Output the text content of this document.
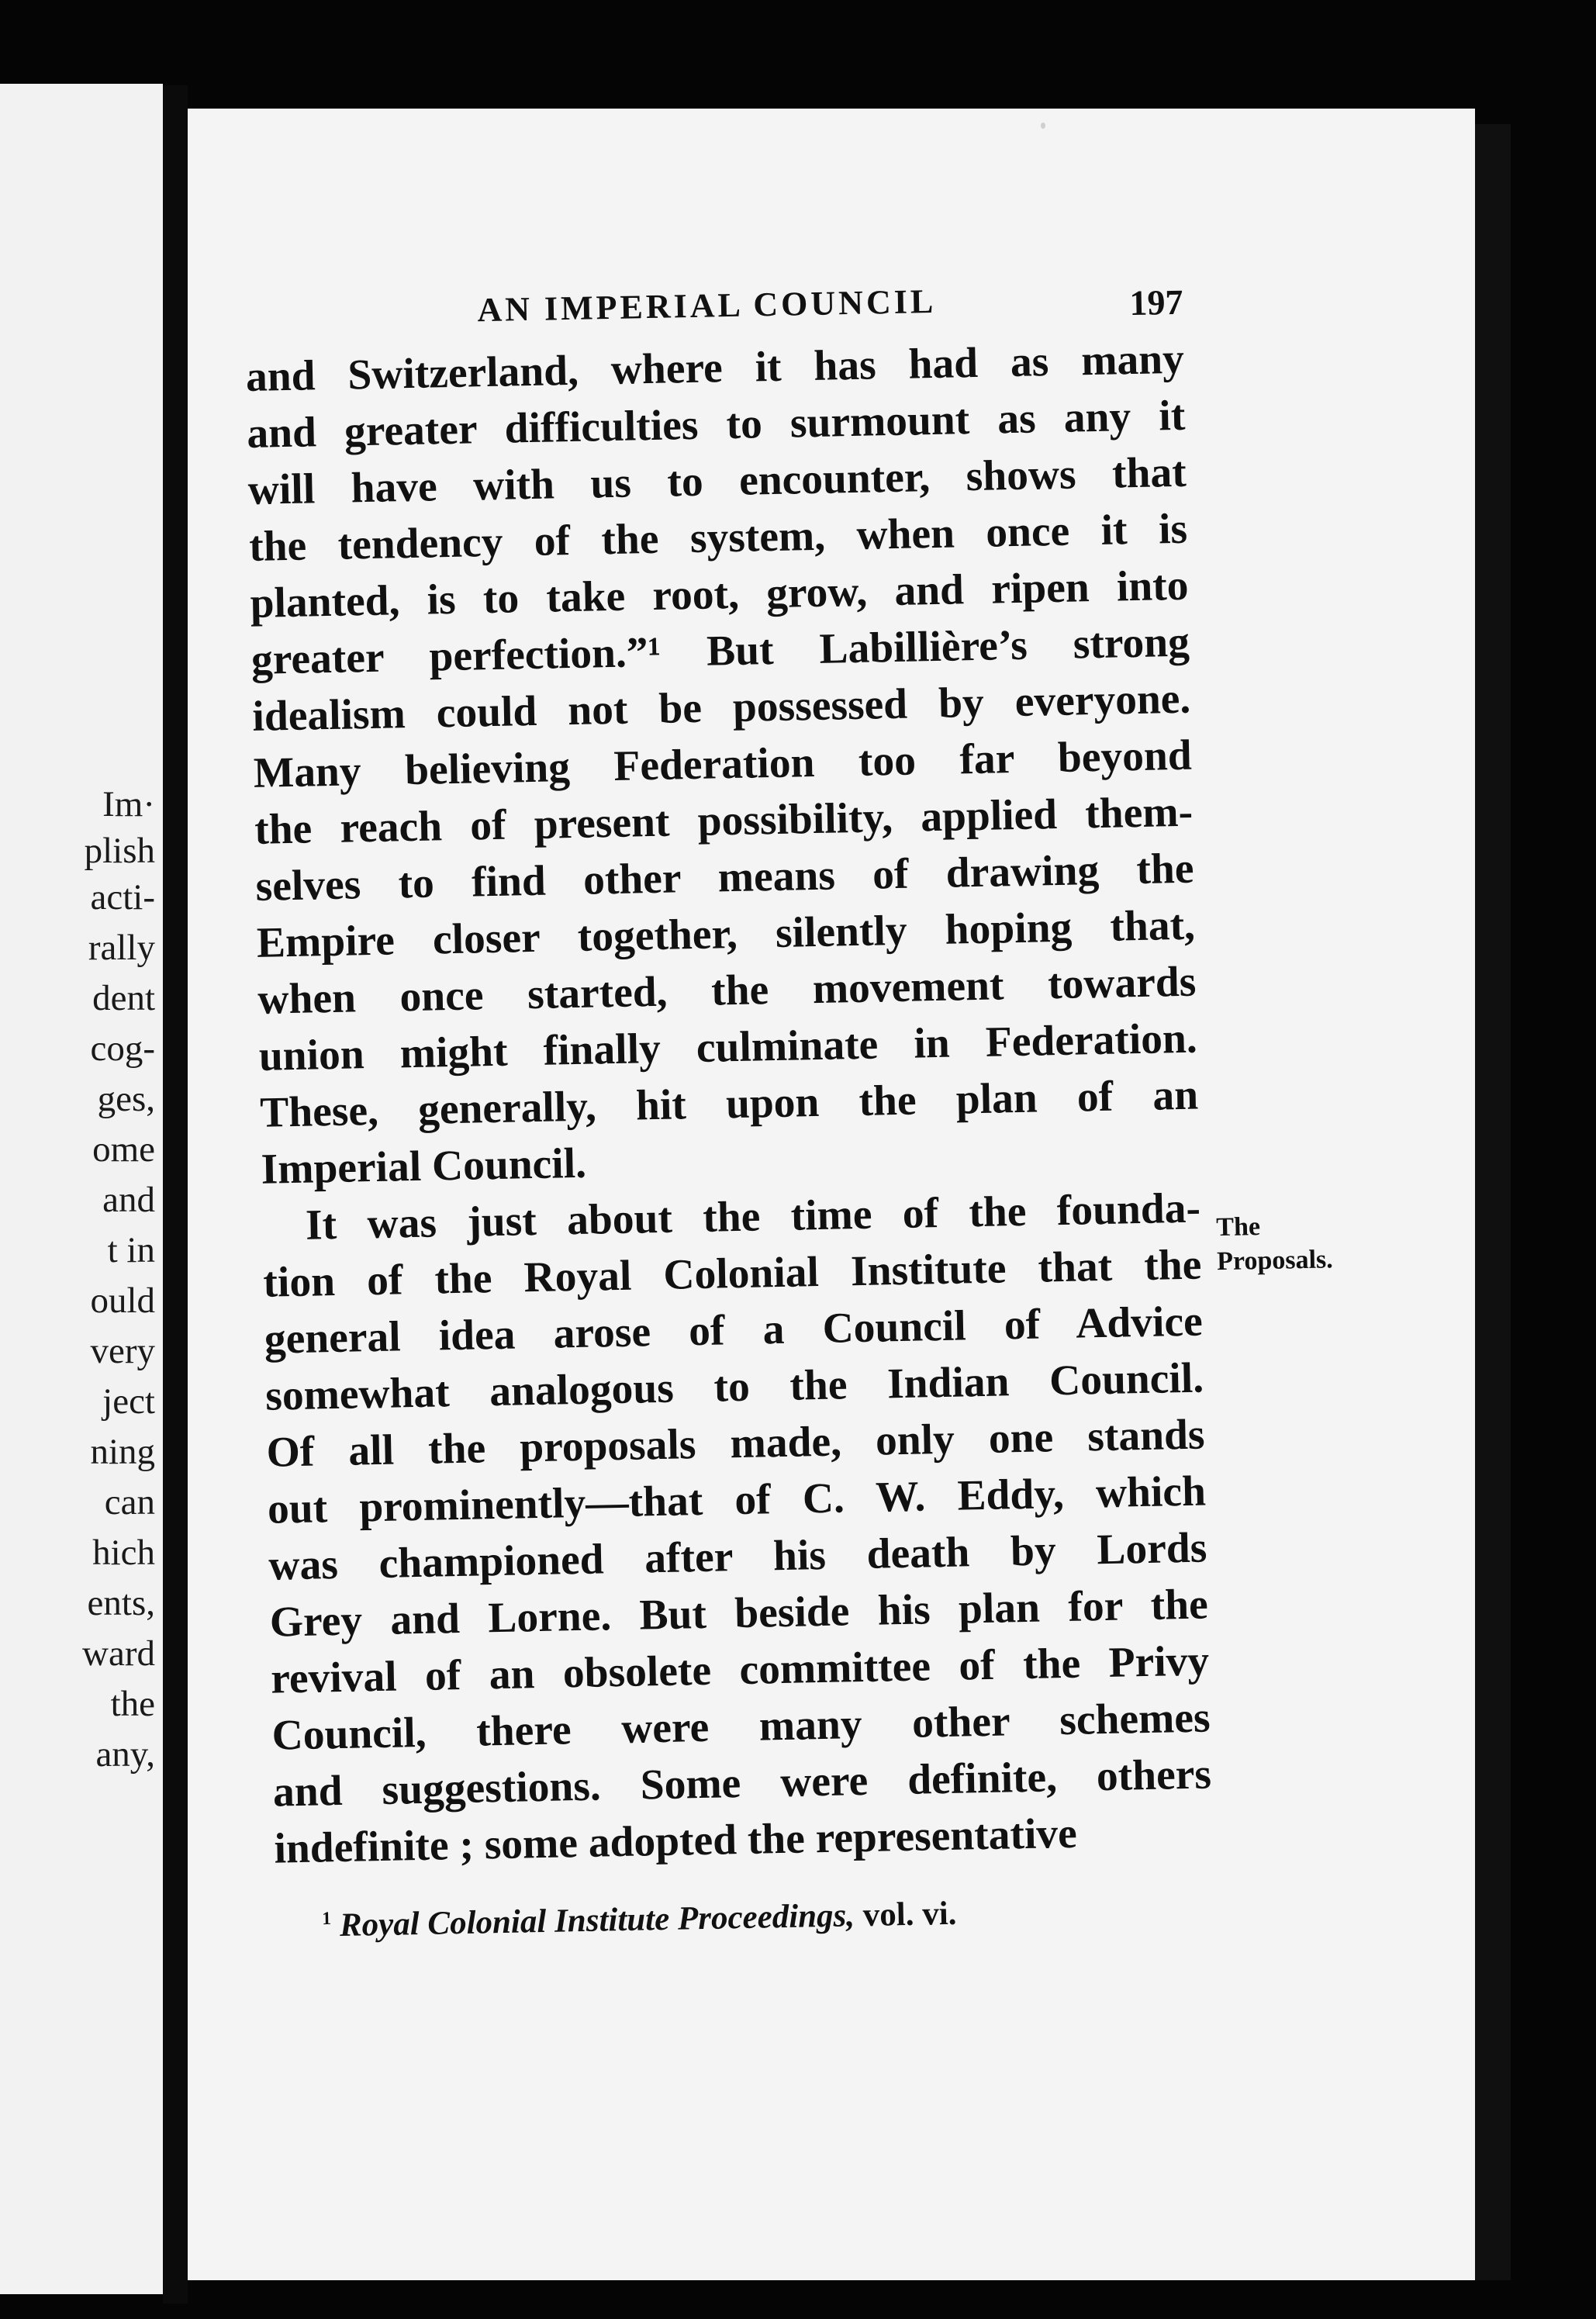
Im·
plish
acti-
rally
dent
cog-
ges,
ome
and
t in
ould
very
ject
ning
can
hich
ents,
ward
the
any,
AN IMPERIAL COUNCIL	197
and Switzerland, where it has had as many
and greater difficulties to surmount as any it
will have with us to encounter, shows that
the tendency of the system, when once it is
planted, is to take root, grow, and ripen into
greater perfection.”¹ But Labillière’s strong
idealism could not be possessed by everyone.
Many believing Federation too far beyond
the reach of present possibility, applied them-
selves to find other means of drawing the
Empire closer together, silently hoping that,
when once started, the movement towards
union might finally culminate in Federation.
These, generally, hit upon the plan of an
Imperial Council.
It was just about the time of the founda-
tion of the Royal Colonial Institute that the
general idea arose of a Council of Advice
somewhat analogous to the Indian Council.
Of all the proposals made, only one stands
out prominently—that of C. W. Eddy, which
was championed after his death by Lords
Grey and Lorne. But beside his plan for the
revival of an obsolete committee of the Privy
Council, there were many other schemes
and suggestions. Some were definite, others
indefinite ; some adopted the representative
The
Proposals.
$^1$ Royal Colonial Institute Proceedings, vol. vi.
